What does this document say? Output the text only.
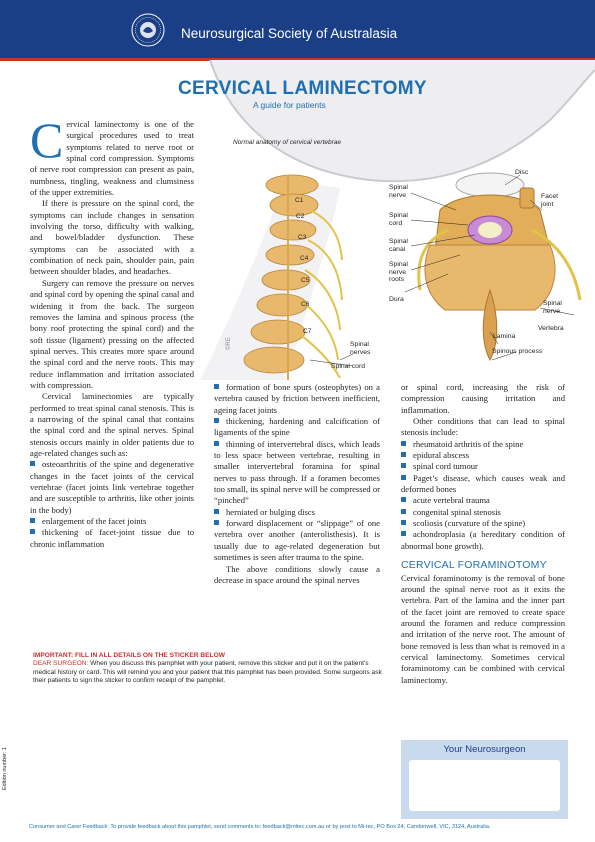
Neurosurgical Society of Australasia
Normal anatomy of cervical vertebrae
C1
C2
C3
C4
C5
C6
C7
Spinal nerves
Spinal cord
©RE
Disc
Facet joint
Spinal nerve
Spinal cord
Spinal canal
Spinal nerve roots
Dura
Spinal nerve
Vertebra
Lamina
Spinous process
CERVICAL LAMINECTOMY
A guide for patients

Cervical laminectomy is one of the surgical procedures used to treat symptoms related to nerve root or spinal cord compression. Symptoms of nerve root compression can present as pain, numbness, tingling, weakness and clumsiness of the upper extremities.

If there is pressure on the spinal cord, the symptoms can include changes in sensation involving the torso, difficulty with walking, and bowel/bladder dysfunction. These symptoms can be associated with a combination of neck pain, shoulder pain, pain between shoulder blades, and headaches.

Surgery can remove the pressure on nerves and spinal cord by opening the spinal canal and widening it from the back. The surgeon removes the lamina and spinous process (the bony roof protecting the spinal cord) and the soft tissue (ligament) pressing on the affected spinal nerves. This creates more space around the spinal cord and the nerve roots. This may reduce inflammation and irritation associated with compression.

Cervical laminectomies are typically performed to treat spinal canal stenosis. This is a narrowing of the spinal canal that contains the spinal cord and the spinal nerves. Spinal stenosis occurs mainly in older patients due to age-related changes such as:

osteoarthritis of the spine and degenerative changes in the facet joints of the cervical vertebrae (facet joints link vertebrae together and are susceptible to arthritis, like other joints in the body)
enlargement of the facet joints
thickening of facet-joint tissue due to chronic inflammation
formation of bone spurs (osteophytes) on a vertebra caused by friction between inefficient, ageing facet joints
thickening, hardening and calcification of ligaments of the spine
thinning of intervertebral discs, which leads to less space between vertebrae, resulting in smaller intervertebral foramina for spinal nerves to pass through. If a foramen becomes too small, its spinal nerve will be compressed or “pinched”
herniated or bulging discs
forward displacement or “slippage” of one vertebra over another (anterolisthesis). It is usually due to age-related degeneration but sometimes is seen after trauma to the spine.

The above conditions slowly cause a decrease in space around the spinal nerves

or spinal cord, increasing the risk of compression causing irritation and inflammation.

Other conditions that can lead to spinal stenosis include:

rheumatoid arthritis of the spine
epidural abscess
spinal cord tumour
Paget’s disease, which causes weak and deformed bones
acute vertebral trauma
congenital spinal stenosis
scoliosis (curvature of the spine)
achondroplasia (a hereditary condition of abnormal bone growth).
CERVICAL FORAMINOTOMY

Cervical foraminotomy is the removal of bone around the spinal nerve root as it exits the vertebra. Part of the lamina and the inner part of the facet joint are removed to create space around the foramen and reduce compression and irritation of the nerve root. The amount of bone removed is less than what is removed in a cervical laminectomy. Sometimes cervical foraminotomy can be combined with cervical laminectomy.

IMPORTANT: FILL IN ALL DETAILS ON THE STICKER BELOW
DEAR SURGEON: When you discuss this pamphlet with your patient, remove this sticker and put it on the patient’s medical history or card. This will remind you and your patient that this pamphlet has been provided. Some surgeons ask their patients to sign the sticker to confirm receipt of the pamphlet.
Your Neurosurgeon
Edition number: 1
Consumer and Carer Feedback: To provide feedback about this pamphlet, send comments to: feedback@mitec.com.au or by post to Mi-tec, PO Box 24, Camberwell, VIC, 3124, Australia.
